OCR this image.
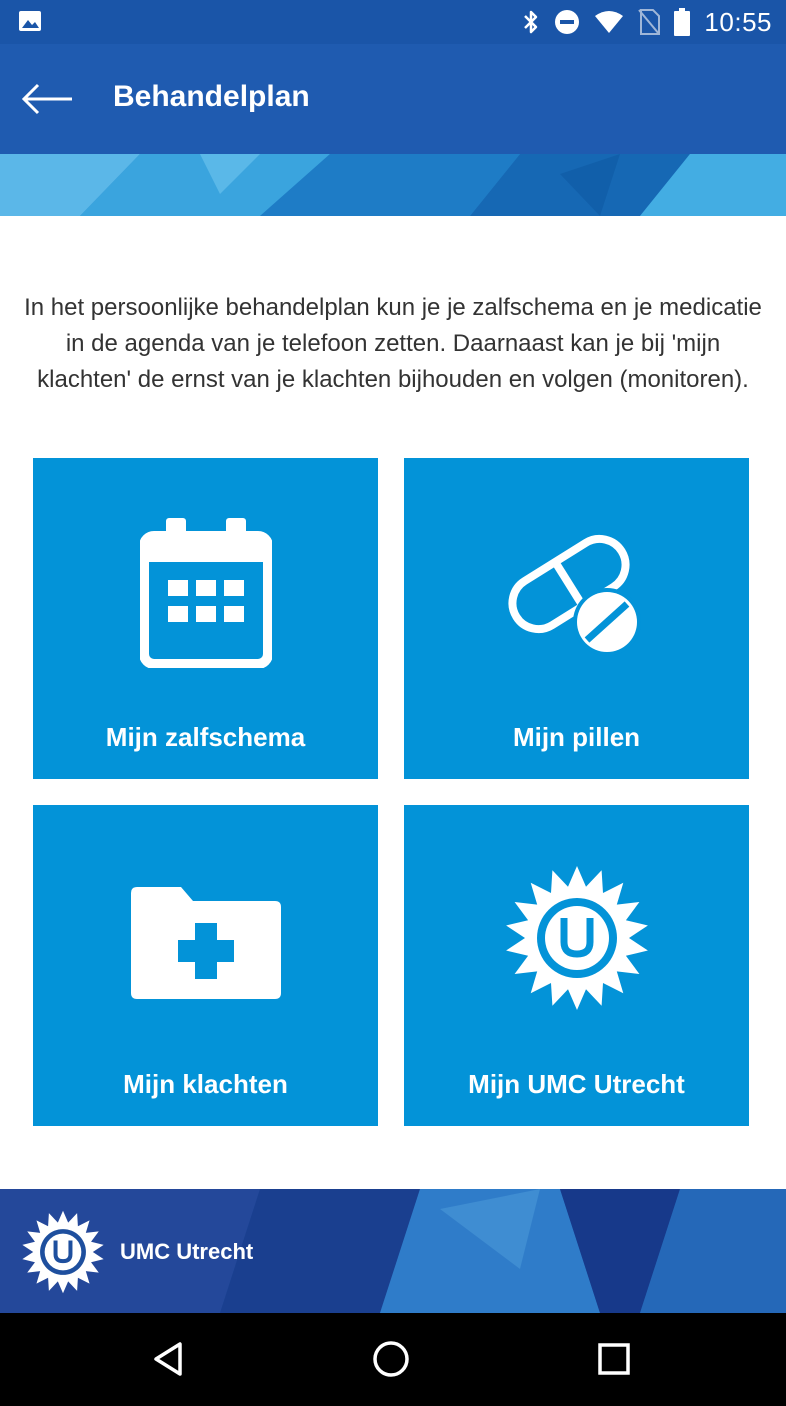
10:55
Behandelplan

In het persoonlijke behandelplan kun je je zalfschema en je medicatie in de agenda van je telefoon zetten. Daarnaast kan je bij 'mijn klachten' de ernst van je klachten bijhouden en volgen (monitoren).

Mijn zalfschema	Mijn pillen
Mijn klachten	Mijn UMC Utrecht
UMC Utrecht
